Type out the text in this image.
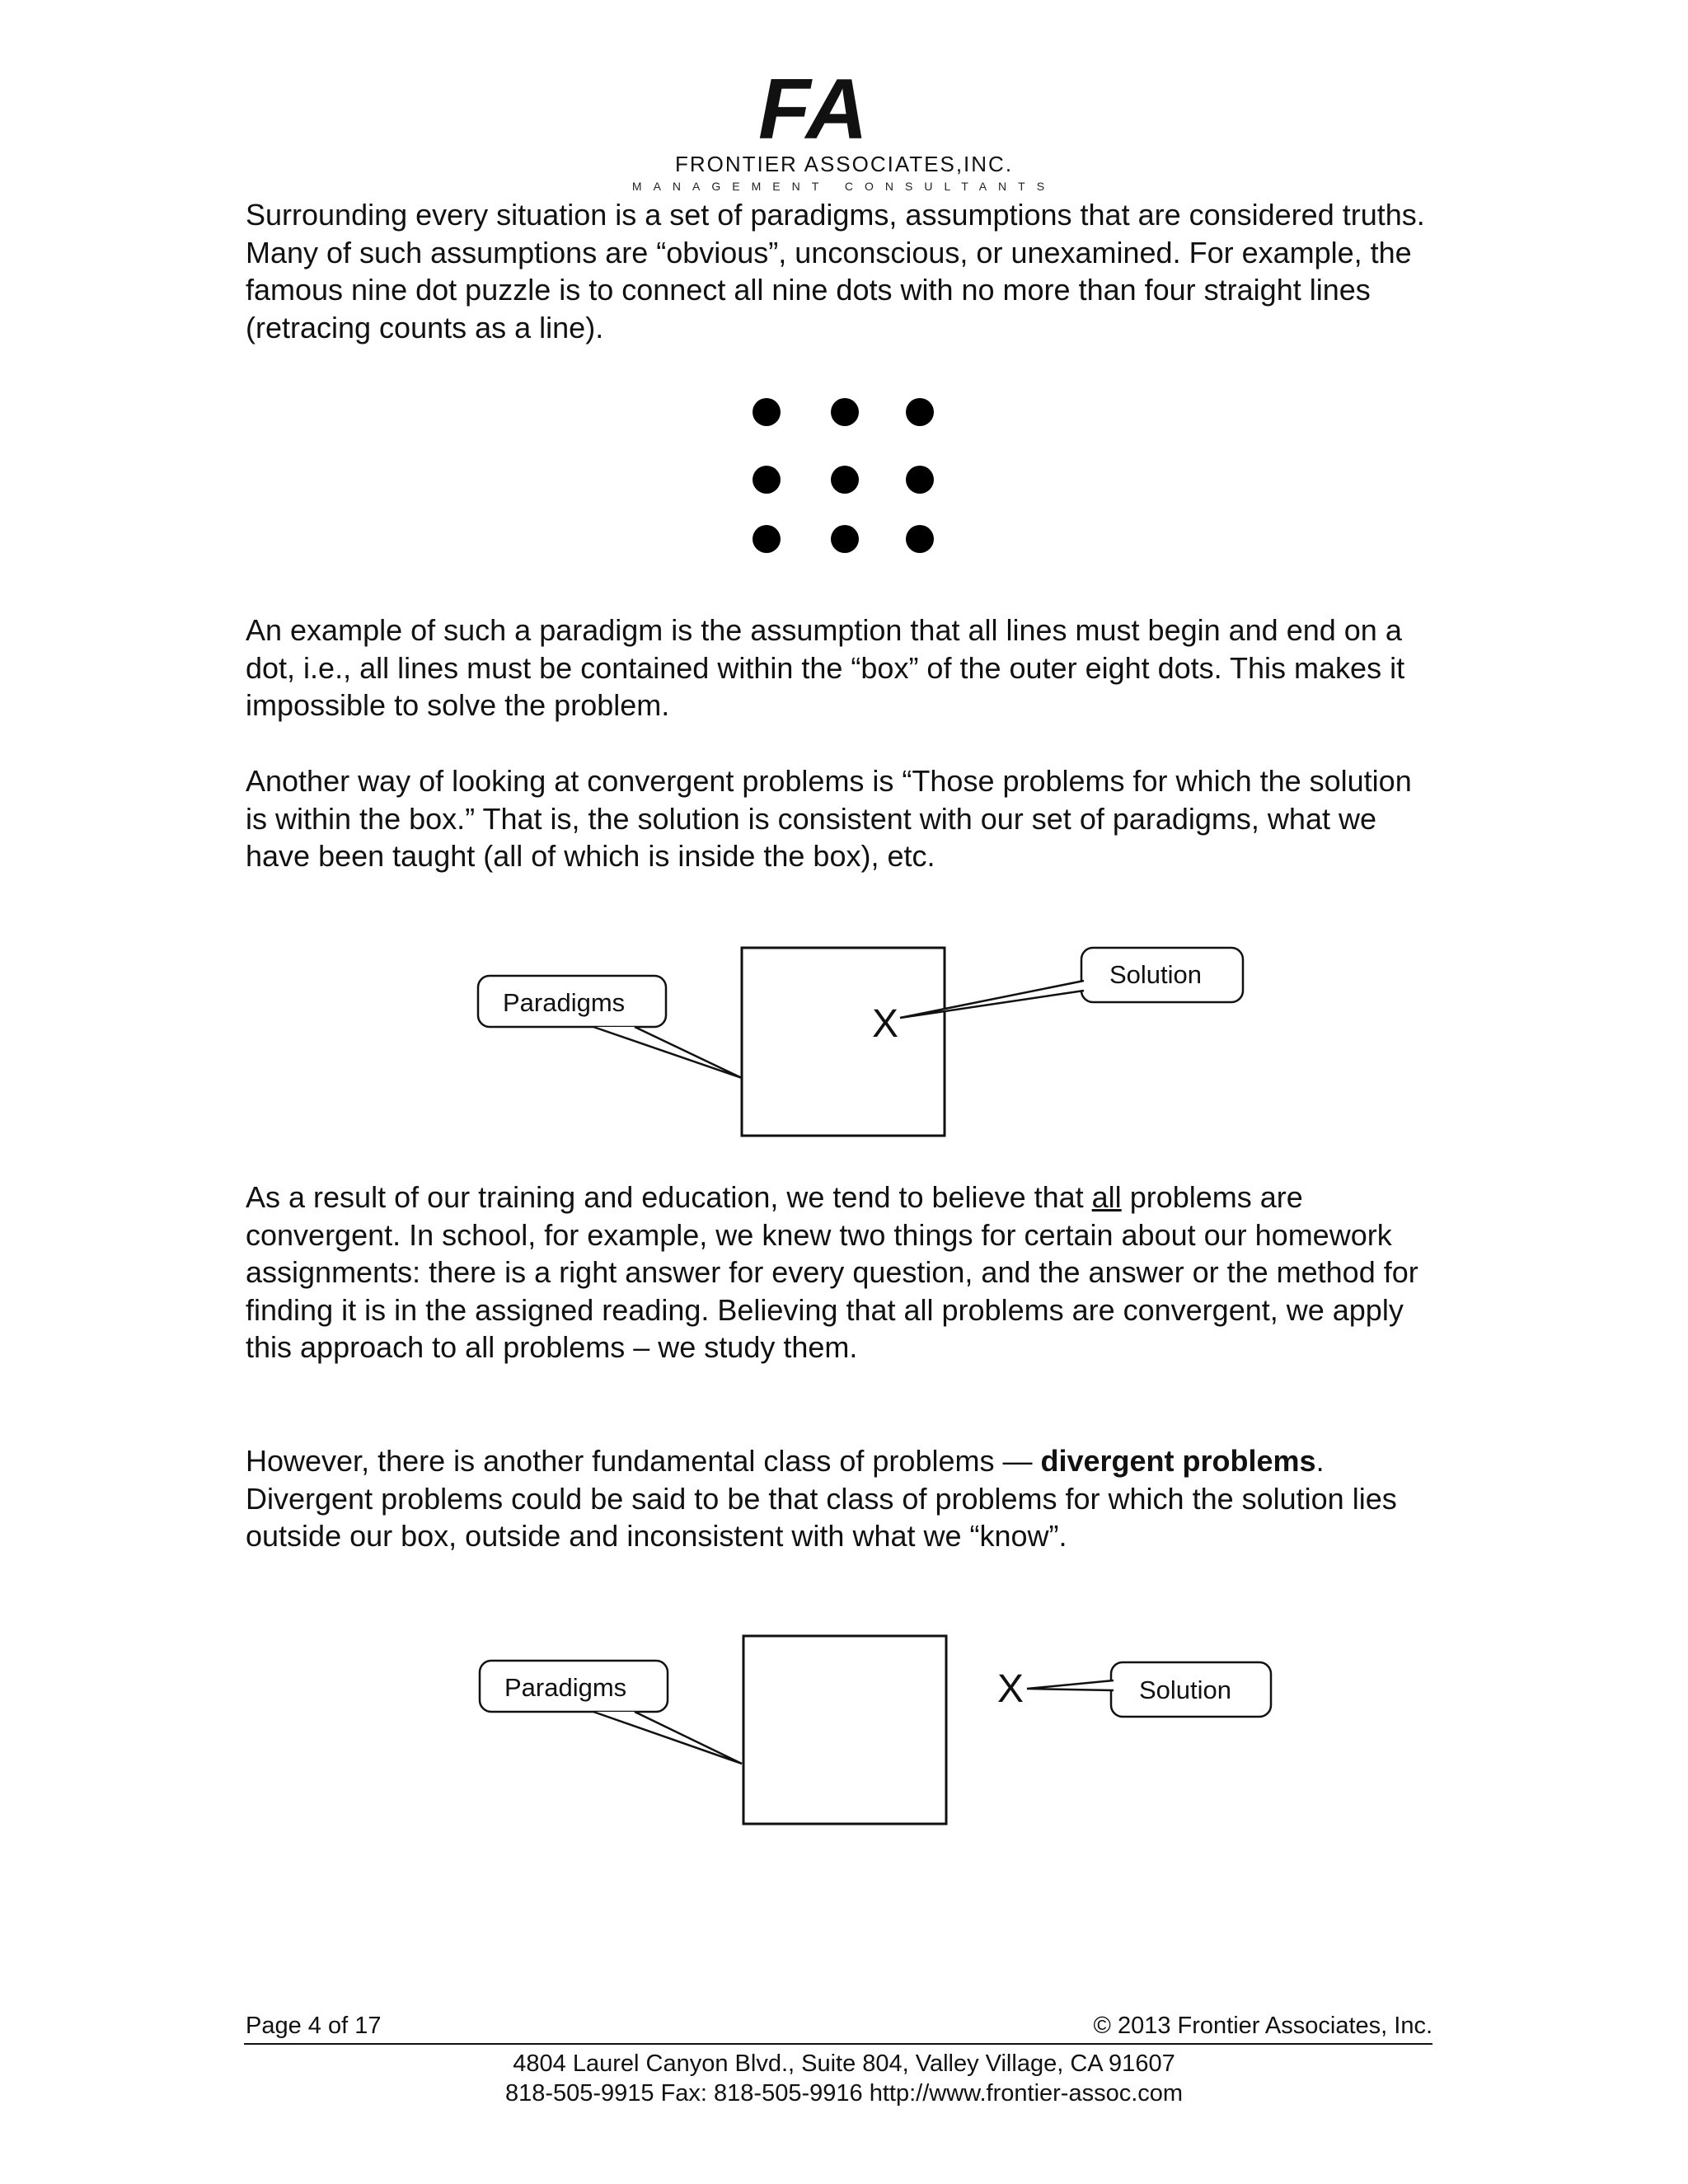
FA
FRONTIER ASSOCIATES,INC.
MANAGEMENT CONSULTANTS

Surrounding every situation is a set of paradigms, assumptions that are considered truths. Many of such assumptions are “obvious”, unconscious, or unexamined. For example, the famous nine dot puzzle is to connect all nine dots with no more than four straight lines (retracing counts as a line).

An example of such a paradigm is the assumption that all lines must begin and end on a dot, i.e., all lines must be contained within the “box” of the outer eight dots. This makes it impossible to solve the problem.

Another way of looking at convergent problems is “Those problems for which the solution is within the box.” That is, the solution is consistent with our set of paradigms, what we have been taught (all of which is inside the box), etc.

Paradigms
Solution
X

As a result of our training and education, we tend to believe that all problems are convergent. In school, for example, we knew two things for certain about our homework assignments: there is a right answer for every question, and the answer or the method for finding it is in the assigned reading. Believing that all problems are convergent, we apply this approach to all problems – we study them.

However, there is another fundamental class of problems — divergent problems. Divergent problems could be said to be that class of problems for which the solution lies outside our box, outside and inconsistent with what we “know”.

Paradigms	Solution
X
Page 4 of 17	© 2013 Frontier Associates, Inc.
4804 Laurel Canyon Blvd., Suite 804, Valley Village, CA 91607
818-505-9915 Fax: 818-505-9916 http://www.frontier-assoc.com
